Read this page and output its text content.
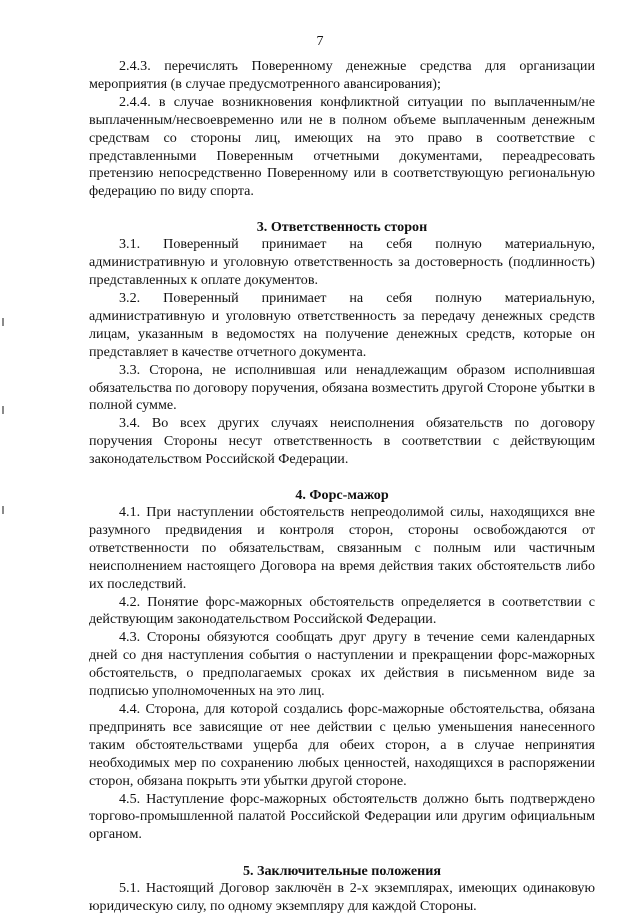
7

2.4.3. перечислять Поверенному денежные средства для организации мероприятия (в случае предусмотренного авансирования);

2.4.4. в случае возникновения конфликтной ситуации по выплаченным/не выплаченным/несвоевременно или не в полном объеме выплаченным денежным средствам со стороны лиц, имеющих на это право в соответствие с представленными Поверенным отчетными документами, переадресовать претензию непосредственно Поверенному или в соответствующую региональную федерацию по виду спорта.

3. Ответственность сторон

3.1. Поверенный принимает на себя полную материальную, административную и уголовную ответственность за достоверность (подлинность) представленных к оплате документов.

3.2. Поверенный принимает на себя полную материальную, административную и уголовную ответственность за передачу денежных средств лицам, указанным в ведомостях на получение денежных средств, которые он представляет в качестве отчетного документа.

3.3. Сторона, не исполнившая или ненадлежащим образом исполнившая обязательства по договору поручения, обязана возместить другой Стороне убытки в полной сумме.

3.4. Во всех других случаях неисполнения обязательств по договору поручения Стороны несут ответственность в соответствии с действующим законодательством Российской Федерации.

4. Форс-мажор

4.1. При наступлении обстоятельств непреодолимой силы, находящихся вне разумного предвидения и контроля сторон, стороны освобождаются от ответственности по обязательствам, связанным с полным или частичным неисполнением настоящего Договора на время действия таких обстоятельств либо их последствий.

4.2. Понятие форс-мажорных обстоятельств определяется в соответствии с действующим законодательством Российской Федерации.

4.3. Стороны обязуются сообщать друг другу в течение семи календарных дней со дня наступления события о наступлении и прекращении форс-мажорных обстоятельств, о предполагаемых сроках их действия в письменном виде за подписью уполномоченных на это лиц.

4.4. Сторона, для которой создались форс-мажорные обстоятельства, обязана предпринять все зависящие от нее действии с целью уменьшения нанесенного таким обстоятельствами ущерба для обеих сторон, а в случае непринятия необходимых мер по сохранению любых ценностей, находящихся в распоряжении сторон, обязана покрыть эти убытки другой стороне.

4.5. Наступление форс-мажорных обстоятельств должно быть подтверждено торгово-промышленной палатой Российской Федерации или другим официальным органом.

5. Заключительные положения

5.1. Настоящий Договор заключён в 2-х экземплярах, имеющих одинаковую юридическую силу, по одному экземпляру для каждой Стороны.
